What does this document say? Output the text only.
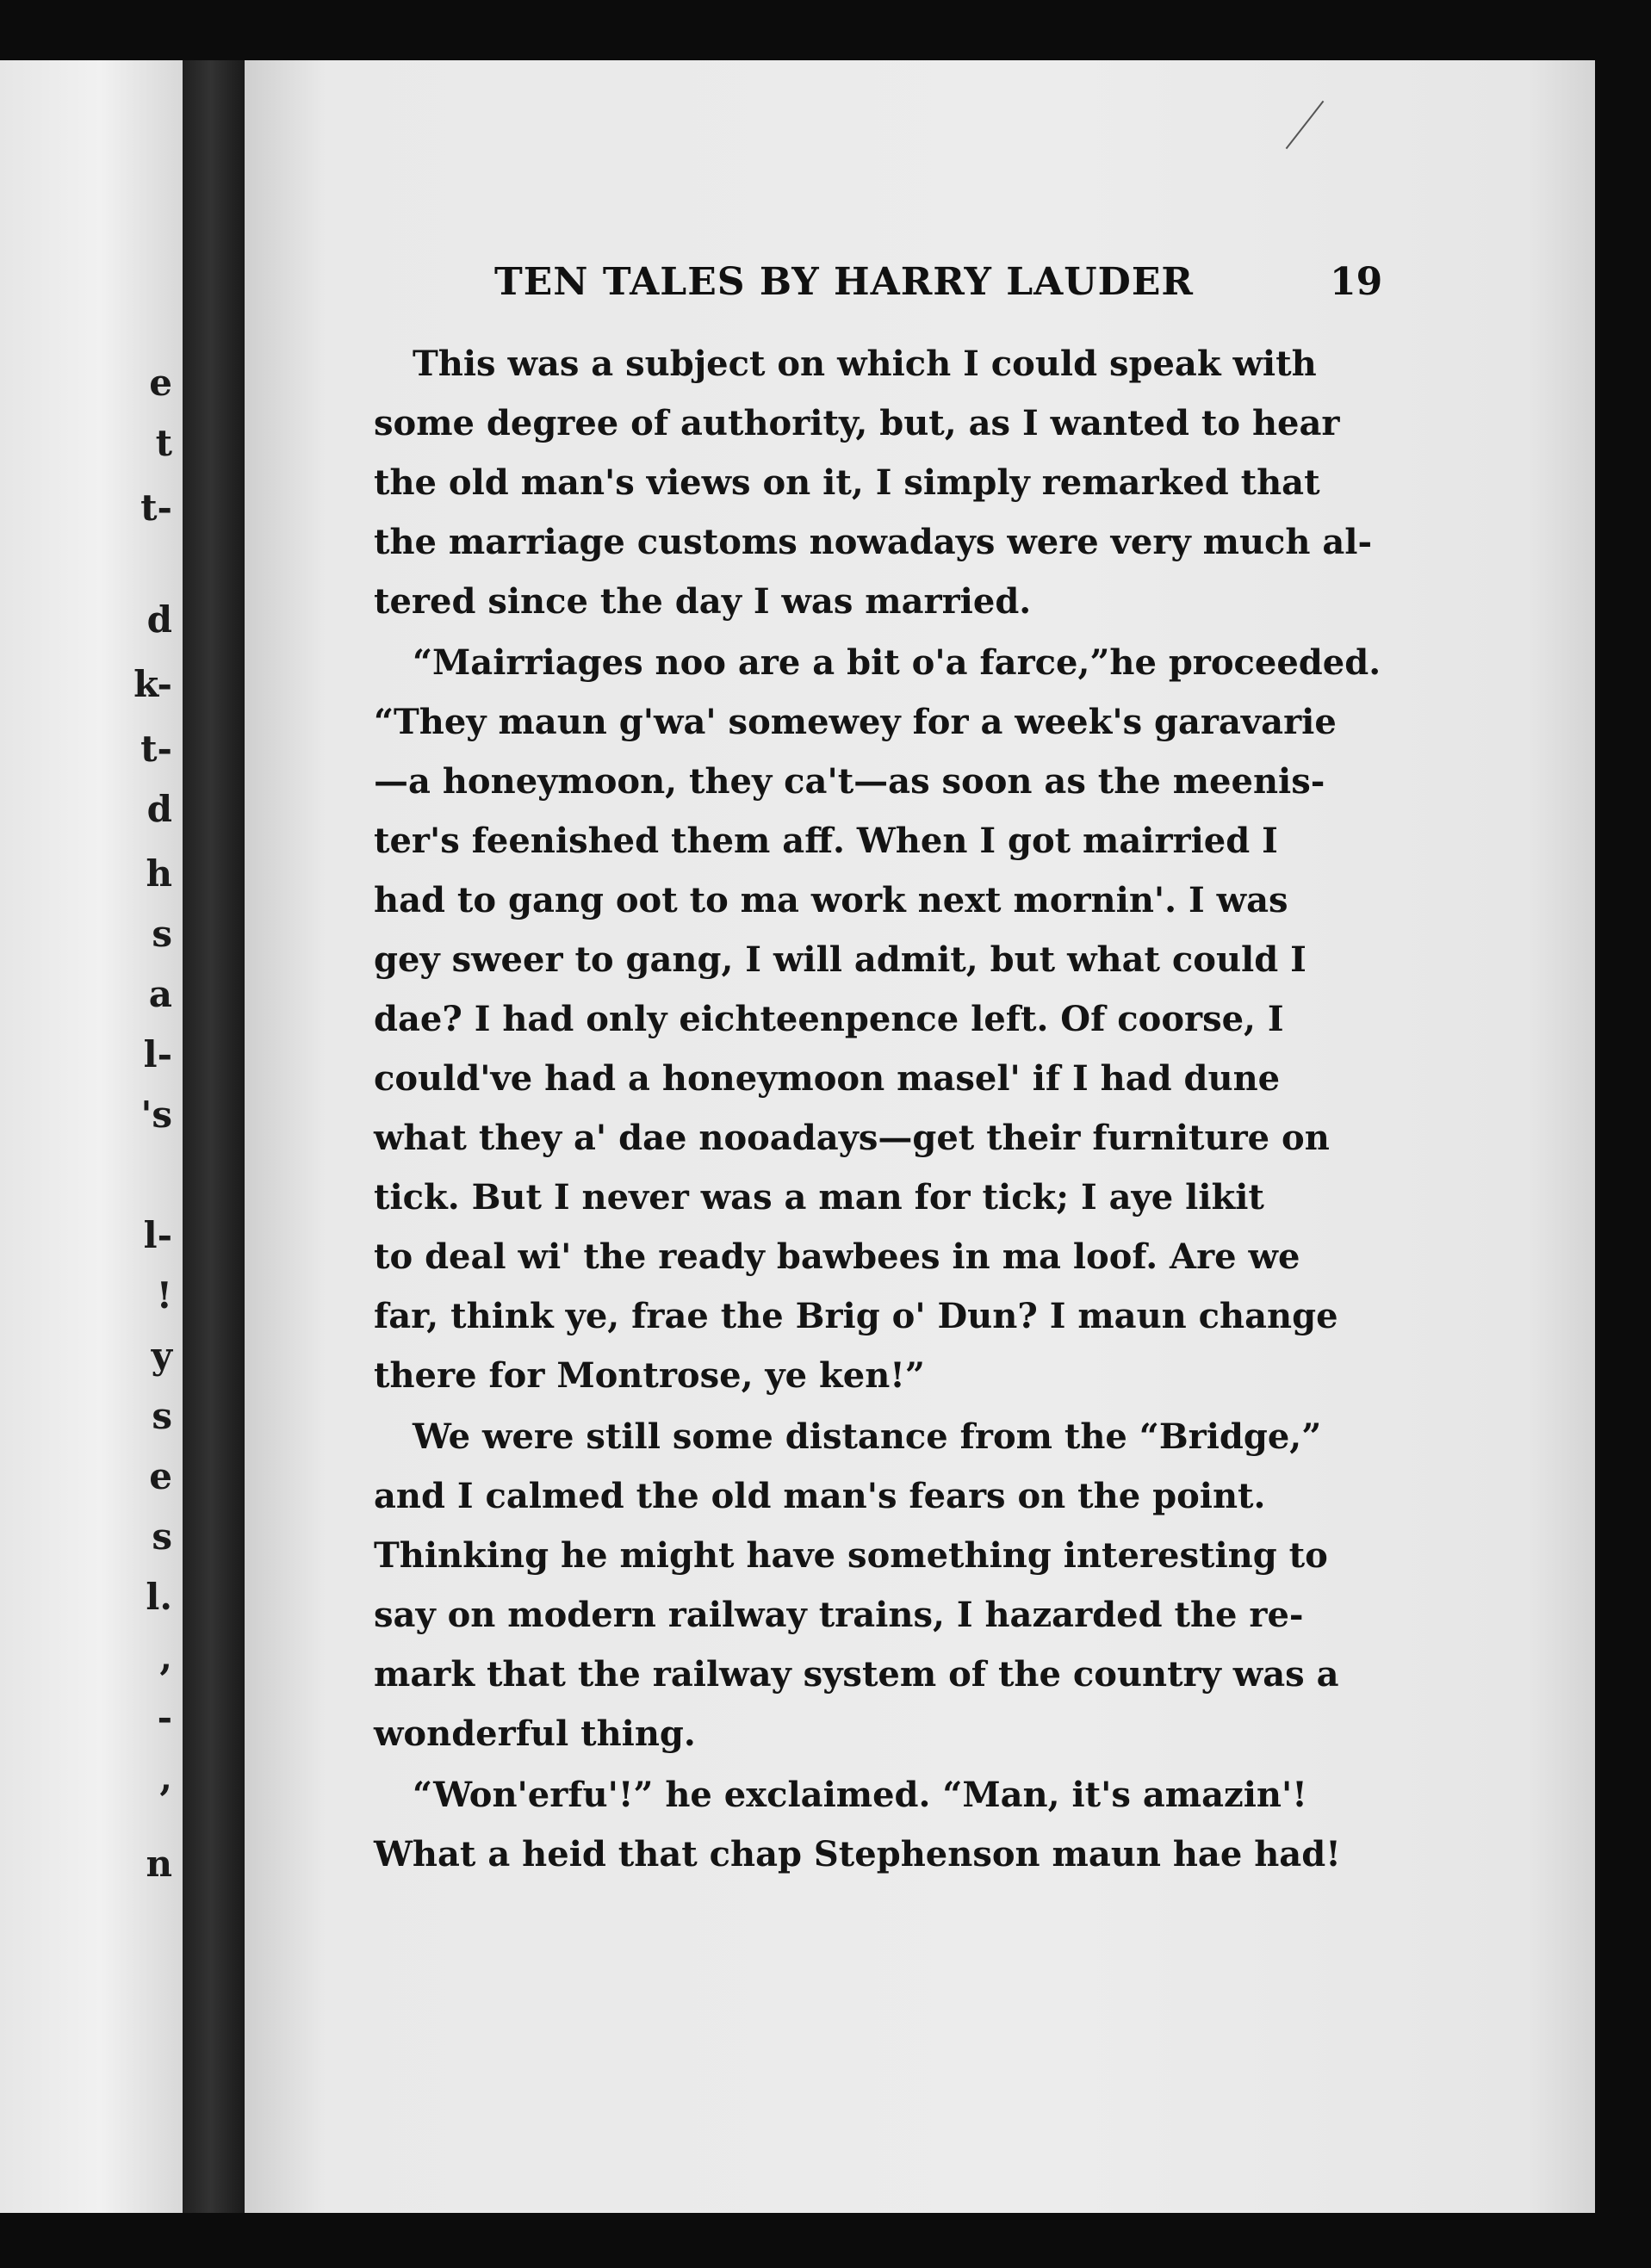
e
t
t-
d
k-
t-
d
h
s
a
l-
's
l-
!
y
s
e
s
l.
,
-
,
n
TEN TALES BY HARRY LAUDER	19
This was a subject on which I could speak with
some degree of authority, but, as I wanted to hear
the old man's views on it, I simply remarked that
the marriage customs nowadays were very much al-
tered since the day I was married.
“Mairriages noo are a bit o'a farce,”he proceeded.
“They maun g'wa' somewey for a week's garavarie
—a honeymoon, they ca't—as soon as the meenis-
ter's feenished them aff. When I got mairried I
had to gang oot to ma work next mornin'. I was
gey sweer to gang, I will admit, but what could I
dae? I had only eichteenpence left. Of coorse, I
could've had a honeymoon masel' if I had dune
what they a' dae nooadays—get their furniture on
tick. But I never was a man for tick; I aye likit
to deal wi' the ready bawbees in ma loof. Are we
far, think ye, frae the Brig o' Dun? I maun change
there for Montrose, ye ken!”
We were still some distance from the “Bridge,”
and I calmed the old man's fears on the point.
Thinking he might have something interesting to
say on modern railway trains, I hazarded the re-
mark that the railway system of the country was a
wonderful thing.
“Won'erfu'!” he exclaimed. “Man, it's amazin'!
What a heid that chap Stephenson maun hae had!
